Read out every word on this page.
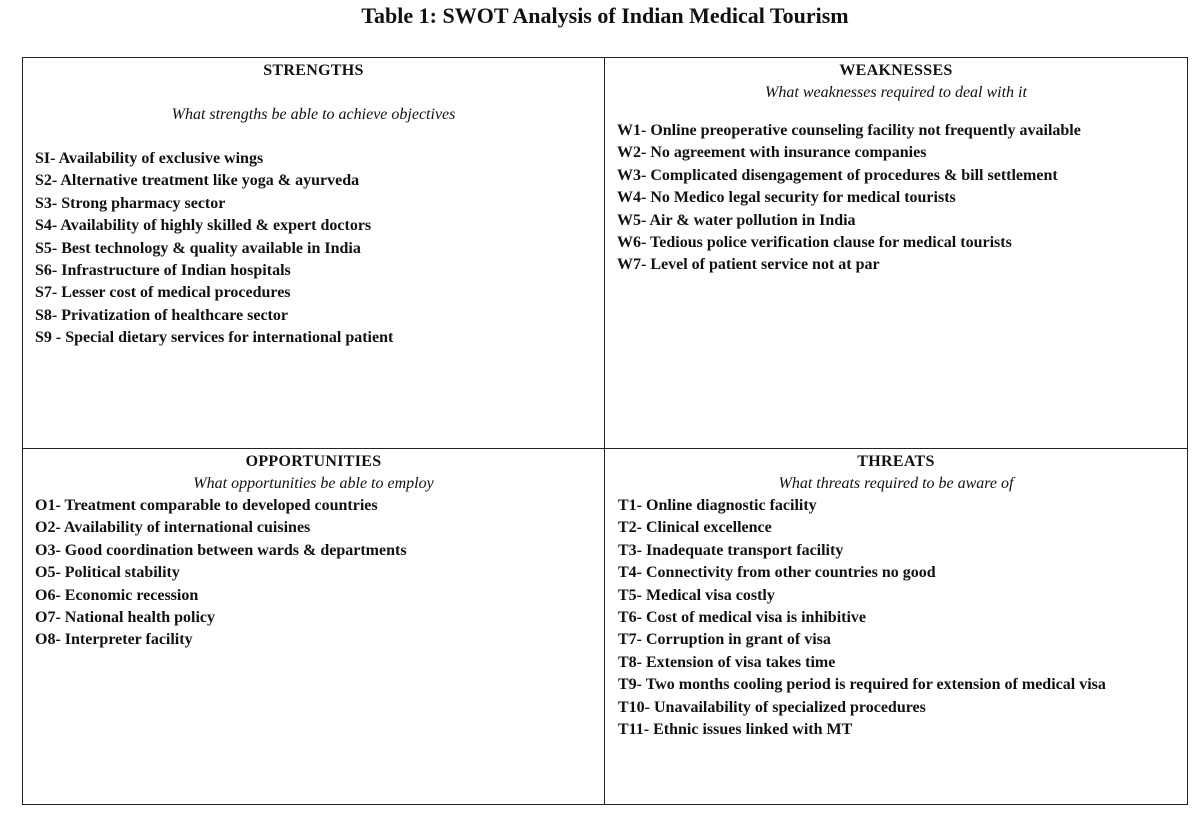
Table 1: SWOT Analysis of Indian Medical Tourism
STRENGTHS
What strengths be able to achieve objectives
SI- Availability of exclusive wings
S2- Alternative treatment like yoga & ayurveda
S3- Strong pharmacy sector
S4- Availability of highly skilled & expert doctors
S5- Best technology & quality available in India
S6- Infrastructure of Indian hospitals
S7- Lesser cost of medical procedures
S8- Privatization of healthcare sector
S9 - Special dietary services for international patient
WEAKNESSES
What weaknesses required to deal with it
W1- Online preoperative counseling facility not frequently available
W2- No agreement with insurance companies
W3- Complicated disengagement of procedures & bill settlement
W4- No Medico legal security for medical tourists
W5- Air & water pollution in India
W6- Tedious police verification clause for medical tourists
W7- Level of patient service not at par
OPPORTUNITIES
What opportunities be able to employ
O1- Treatment comparable to developed countries
O2- Availability of international cuisines
O3- Good coordination between wards & departments
O5- Political stability
O6- Economic recession
O7- National health policy
O8- Interpreter facility
THREATS
What threats required to be aware of
T1- Online diagnostic facility
T2- Clinical excellence
T3- Inadequate transport facility
T4- Connectivity from other countries no good
T5- Medical visa costly
T6- Cost of medical visa is inhibitive
T7- Corruption in grant of visa
T8- Extension of visa takes time
T9- Two months cooling period is required for extension of medical visa
T10- Unavailability of specialized procedures
T11- Ethnic issues linked with MT
